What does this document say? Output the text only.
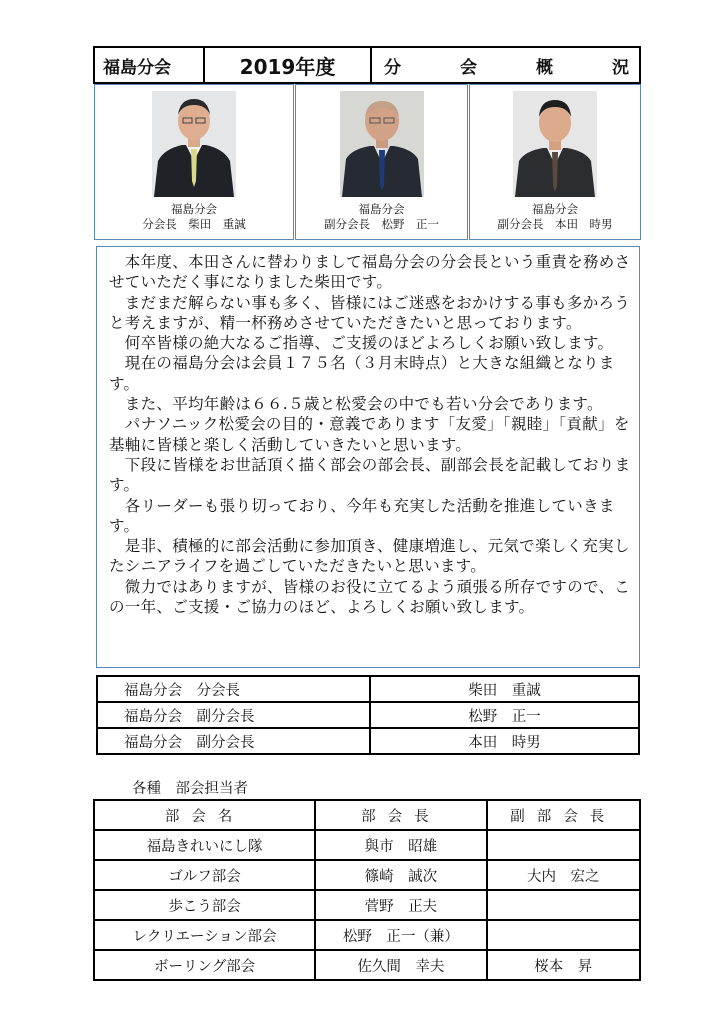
福島分会	2019年度	分	会	概	況
福島分会
分会長　柴田　重誠
福島分会
副分会長　松野　正一
福島分会
副分会長　本田　時男

　本年度、本田さんに替わりまして福島分会の分会長という重責を務めさせていただく事になりました柴田です。

　まだまだ解らない事も多く、皆様にはご迷惑をおかけする事も多かろうと考えますが、精一杯務めさせていただきたいと思っております。

　何卒皆様の絶大なるご指導、ご支援のほどよろしくお願い致します。

　現在の福島分会は会員１７５名（３月末時点）と大きな組織となります。

　また、平均年齢は６６.５歳と松愛会の中でも若い分会であります。

　パナソニック松愛会の目的・意義であります「友愛」「親睦」「貢献」を基軸に皆様と楽しく活動していきたいと思います。

　下段に皆様をお世話頂く描く部会の部会長、副部会長を記載しております。

　各リーダーも張り切っており、今年も充実した活動を推進していきます。

　是非、積極的に部会活動に参加頂き、健康増進し、元気で楽しく充実したシニアライフを過ごしていただきたいと思います。

　微力ではありますが、皆様のお役に立てるよう頑張る所存ですので、この一年、ご支援・ご協力のほど、よろしくお願い致します。

福島分会　分会長	柴田　重誠
福島分会　副分会長	松野　正一
福島分会　副分会長	本田　時男
各種　部会担当者
部会名	部会長	副部会長
福島きれいにし隊	與市　昭雄	
ゴルフ部会	篠崎　誠次	大内　宏之
歩こう部会	菅野　正夫	
レクリエーション部会	松野　正一（兼）	
ボーリング部会	佐久間　幸夫	桜本　昇
